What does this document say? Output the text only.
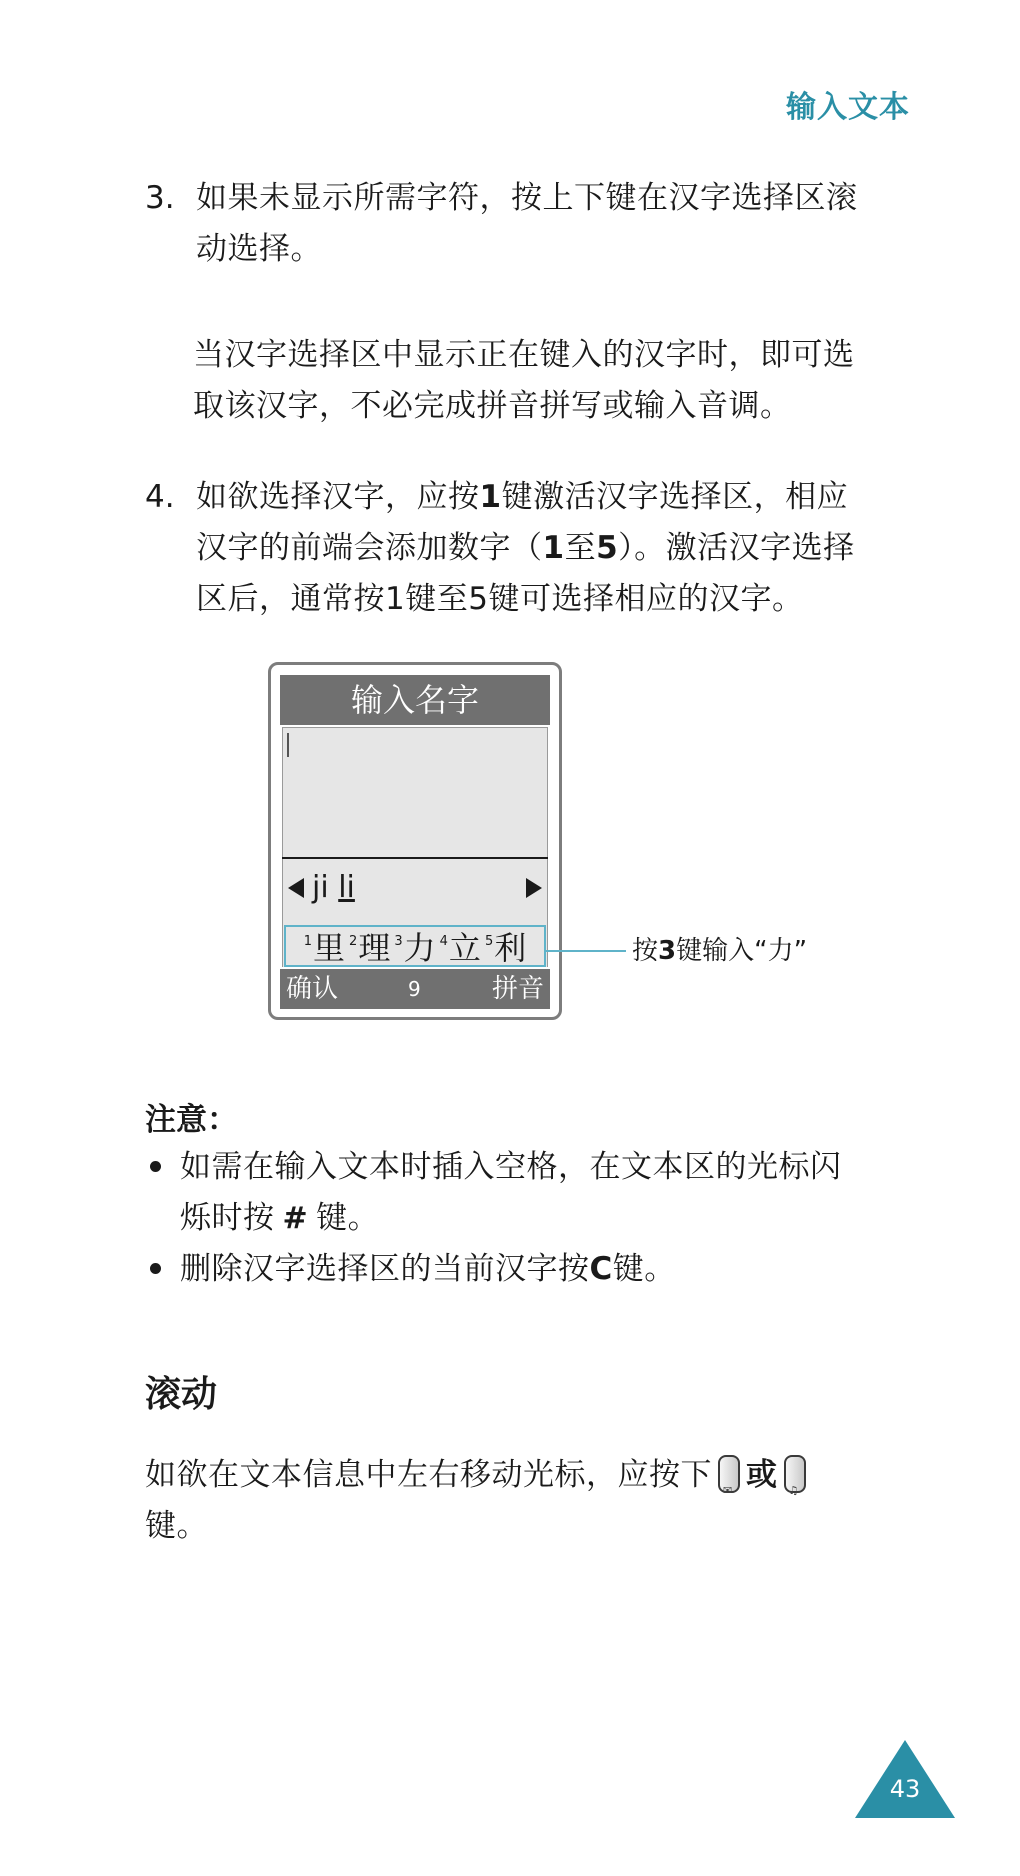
输入文本
3. 如果未显示所需字符，按上下键在汉字选择区滚
动选择。
当汉字选择区中显示正在键入的汉字时，即可选
取该汉字，不必完成拼音拼写或输入音调。
4. 如欲选择汉字，应按1键激活汉字选择区，相应
汉字的前端会添加数字（1至5）。激活汉字选择
区后，通常按1键至5键可选择相应的汉字。
输入名字
ji li
$^1$里 $^2$理 $^3$力 $^4$立 $^5$利
确认	9	拼音
按3键输入“力”
注意：
如需在输入文本时插入空格，在文本区的光标闪
烁时按 # 键。
删除汉字选择区的当前汉字按C键。
滚动
如欲在文本信息中左右移动光标，应按下 ✉ 或 ♫
键。
43
